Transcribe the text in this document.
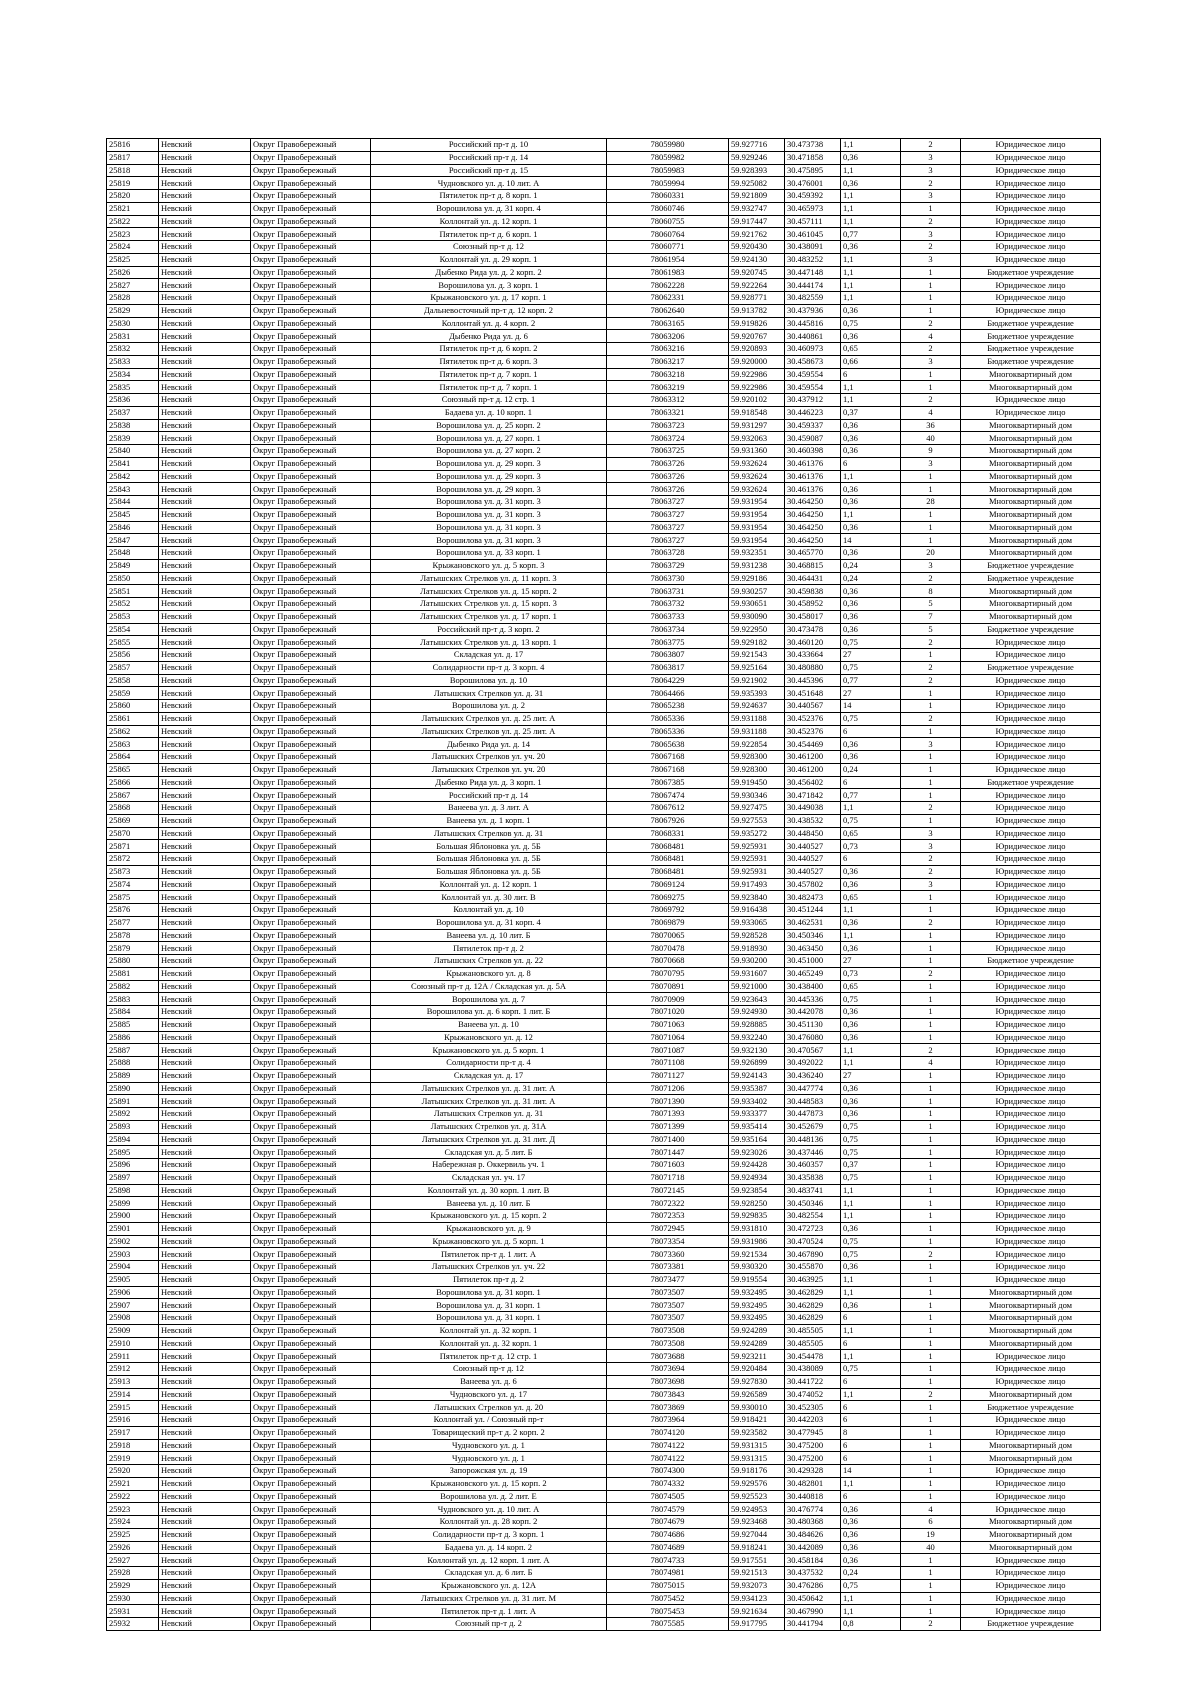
25816	Невский	Округ Правобережный	Российский пр-т д. 10	78059980	59.927716	30.473738	1,1	2	Юридическое лицо
25817	Невский	Округ Правобережный	Российский пр-т д. 14	78059982	59.929246	30.471858	0,36	3	Юридическое лицо
25818	Невский	Округ Правобережный	Российский пр-т д. 15	78059983	59.928393	30.475895	1,1	3	Юридическое лицо
25819	Невский	Округ Правобережный	Чудновского ул. д. 10 лит. А	78059994	59.925082	30.476001	0,36	2	Юридическое лицо
25820	Невский	Округ Правобережный	Пятилеток пр-т д. 8 корп. 1	78060331	59.921809	30.459392	1,1	3	Юридическое лицо
25821	Невский	Округ Правобережный	Ворошилова ул. д. 31 корп. 4	78060746	59.932747	30.465973	1,1	1	Юридическое лицо
25822	Невский	Округ Правобережный	Коллонтай ул. д. 12 корп. 1	78060755	59.917447	30.457111	1,1	2	Юридическое лицо
25823	Невский	Округ Правобережный	Пятилеток пр-т д. 6 корп. 1	78060764	59.921762	30.461045	0,77	3	Юридическое лицо
25824	Невский	Округ Правобережный	Союзный пр-т д. 12	78060771	59.920430	30.438091	0,36	2	Юридическое лицо
25825	Невский	Округ Правобережный	Коллонтай ул. д. 29 корп. 1	78061954	59.924130	30.483252	1,1	3	Юридическое лицо
25826	Невский	Округ Правобережный	Дыбенко Рида ул. д. 2 корп. 2	78061983	59.920745	30.447148	1,1	1	Бюджетное учреждение
25827	Невский	Округ Правобережный	Ворошилова ул. д. 3 корп. 1	78062228	59.922264	30.444174	1,1	1	Юридическое лицо
25828	Невский	Округ Правобережный	Крыжановского ул. д. 17 корп. 1	78062331	59.928771	30.482559	1,1	1	Юридическое лицо
25829	Невский	Округ Правобережный	Дальневосточный пр-т д. 12 корп. 2	78062640	59.913782	30.437936	0,36	1	Юридическое лицо
25830	Невский	Округ Правобережный	Коллонтай ул. д. 4 корп. 2	78063165	59.919826	30.445816	0,75	2	Бюджетное учреждение
25831	Невский	Округ Правобережный	Дыбенко Рида ул. д. 6	78063206	59.920767	30.440861	0,36	4	Бюджетное учреждение
25832	Невский	Округ Правобережный	Пятилеток пр-т д. 6 корп. 2	78063216	59.920893	30.460973	0,65	2	Бюджетное учреждение
25833	Невский	Округ Правобережный	Пятилеток пр-т д. 6 корп. 3	78063217	59.920000	30.458673	0,66	3	Бюджетное учреждение
25834	Невский	Округ Правобережный	Пятилеток пр-т д. 7 корп. 1	78063218	59.922986	30.459554	6	1	Многоквартирный дом
25835	Невский	Округ Правобережный	Пятилеток пр-т д. 7 корп. 1	78063219	59.922986	30.459554	1,1	1	Многоквартирный дом
25836	Невский	Округ Правобережный	Союзный пр-т д. 12 стр. 1	78063312	59.920102	30.437912	1,1	2	Юридическое лицо
25837	Невский	Округ Правобережный	Бадаева ул. д. 10 корп. 1	78063321	59.918548	30.446223	0,37	4	Юридическое лицо
25838	Невский	Округ Правобережный	Ворошилова ул. д. 25 корп. 2	78063723	59.931297	30.459337	0,36	36	Многоквартирный дом
25839	Невский	Округ Правобережный	Ворошилова ул. д. 27 корп. 1	78063724	59.932063	30.459087	0,36	40	Многоквартирный дом
25840	Невский	Округ Правобережный	Ворошилова ул. д. 27 корп. 2	78063725	59.931360	30.460398	0,36	9	Многоквартирный дом
25841	Невский	Округ Правобережный	Ворошилова ул. д. 29 корп. 3	78063726	59.932624	30.461376	6	3	Многоквартирный дом
25842	Невский	Округ Правобережный	Ворошилова ул. д. 29 корп. 3	78063726	59.932624	30.461376	1,1	1	Многоквартирный дом
25843	Невский	Округ Правобережный	Ворошилова ул. д. 29 корп. 3	78063726	59.932624	30.461376	0,36	1	Многоквартирный дом
25844	Невский	Округ Правобережный	Ворошилова ул. д. 31 корп. 3	78063727	59.931954	30.464250	0,36	28	Многоквартирный дом
25845	Невский	Округ Правобережный	Ворошилова ул. д. 31 корп. 3	78063727	59.931954	30.464250	1,1	1	Многоквартирный дом
25846	Невский	Округ Правобережный	Ворошилова ул. д. 31 корп. 3	78063727	59.931954	30.464250	0,36	1	Многоквартирный дом
25847	Невский	Округ Правобережный	Ворошилова ул. д. 31 корп. 3	78063727	59.931954	30.464250	14	1	Многоквартирный дом
25848	Невский	Округ Правобережный	Ворошилова ул. д. 33 корп. 1	78063728	59.932351	30.465770	0,36	20	Многоквартирный дом
25849	Невский	Округ Правобережный	Крыжановского ул. д. 5 корп. 3	78063729	59.931238	30.468815	0,24	3	Бюджетное учреждение
25850	Невский	Округ Правобережный	Латышских Стрелков ул. д. 11 корп. 3	78063730	59.929186	30.464431	0,24	2	Бюджетное учреждение
25851	Невский	Округ Правобережный	Латышских Стрелков ул. д. 15 корп. 2	78063731	59.930257	30.459838	0,36	8	Многоквартирный дом
25852	Невский	Округ Правобережный	Латышских Стрелков ул. д. 15 корп. 3	78063732	59.930651	30.458952	0,36	5	Многоквартирный дом
25853	Невский	Округ Правобережный	Латышских Стрелков ул. д. 17 корп. 1	78063733	59.930090	30.458017	0,36	7	Многоквартирный дом
25854	Невский	Округ Правобережный	Российский пр-т д. 3 корп. 2	78063734	59.922950	30.473478	0,36	5	Бюджетное учреждение
25855	Невский	Округ Правобережный	Латышских Стрелков ул. д. 13 корп. 1	78063775	59.929182	30.460120	0,75	2	Юридическое лицо
25856	Невский	Округ Правобережный	Складская ул. д. 17	78063807	59.921543	30.433664	27	1	Юридическое лицо
25857	Невский	Округ Правобережный	Солидарности пр-т д. 3 корп. 4	78063817	59.925164	30.480880	0,75	2	Бюджетное учреждение
25858	Невский	Округ Правобережный	Ворошилова ул. д. 10	78064229	59.921902	30.445396	0,77	2	Юридическое лицо
25859	Невский	Округ Правобережный	Латышских Стрелков ул. д. 31	78064466	59.935393	30.451648	27	1	Юридическое лицо
25860	Невский	Округ Правобережный	Ворошилова ул. д. 2	78065238	59.924637	30.440567	14	1	Юридическое лицо
25861	Невский	Округ Правобережный	Латышских Стрелков ул. д. 25 лит. А	78065336	59.931188	30.452376	0,75	2	Юридическое лицо
25862	Невский	Округ Правобережный	Латышских Стрелков ул. д. 25 лит. А	78065336	59.931188	30.452376	6	1	Юридическое лицо
25863	Невский	Округ Правобережный	Дыбенко Рида ул. д. 14	78065638	59.922854	30.454469	0,36	3	Юридическое лицо
25864	Невский	Округ Правобережный	Латышских Стрелков ул. уч. 20	78067168	59.928300	30.461200	0,36	1	Юридическое лицо
25865	Невский	Округ Правобережный	Латышских Стрелков ул. уч. 20	78067168	59.928300	30.461200	0,24	1	Юридическое лицо
25866	Невский	Округ Правобережный	Дыбенко Рида ул. д. 3 корп. 1	78067385	59.919450	30.456402	6	1	Бюджетное учреждение
25867	Невский	Округ Правобережный	Российский пр-т д. 14	78067474	59.930346	30.471842	0,77	1	Юридическое лицо
25868	Невский	Округ Правобережный	Ванеева ул. д. 3 лит. А	78067612	59.927475	30.449038	1,1	2	Юридическое лицо
25869	Невский	Округ Правобережный	Ванеева ул. д. 1 корп. 1	78067926	59.927553	30.438532	0,75	1	Юридическое лицо
25870	Невский	Округ Правобережный	Латышских Стрелков ул. д. 31	78068331	59.935272	30.448450	0,65	3	Юридическое лицо
25871	Невский	Округ Правобережный	Большая Яблоновка ул. д. 5Б	78068481	59.925931	30.440527	0,73	3	Юридическое лицо
25872	Невский	Округ Правобережный	Большая Яблоновка ул. д. 5Б	78068481	59.925931	30.440527	6	2	Юридическое лицо
25873	Невский	Округ Правобережный	Большая Яблоновка ул. д. 5Б	78068481	59.925931	30.440527	0,36	2	Юридическое лицо
25874	Невский	Округ Правобережный	Коллонтай ул. д. 12 корп. 1	78069124	59.917493	30.457802	0,36	3	Юридическое лицо
25875	Невский	Округ Правобережный	Коллонтай ул. д. 30 лит. В	78069275	59.923840	30.482473	0,65	1	Юридическое лицо
25876	Невский	Округ Правобережный	Коллонтай ул. д. 10	78069792	59.916438	30.451244	1,1	1	Юридическое лицо
25877	Невский	Округ Правобережный	Ворошилова ул. д. 31 корп. 4	78069879	59.933065	30.462531	0,36	2	Юридическое лицо
25878	Невский	Округ Правобережный	Ванеева ул. д. 10 лит. Б	78070065	59.928528	30.450346	1,1	1	Юридическое лицо
25879	Невский	Округ Правобережный	Пятилеток пр-т д. 2	78070478	59.918930	30.463450	0,36	1	Юридическое лицо
25880	Невский	Округ Правобережный	Латышских Стрелков ул. д. 22	78070668	59.930200	30.451000	27	1	Бюджетное учреждение
25881	Невский	Округ Правобережный	Крыжановского ул. д. 8	78070795	59.931607	30.465249	0,73	2	Юридическое лицо
25882	Невский	Округ Правобережный	Союзный пр-т д. 12А / Складская ул. д. 5А	78070891	59.921000	30.438400	0,65	1	Юридическое лицо
25883	Невский	Округ Правобережный	Ворошилова ул. д. 7	78070909	59.923643	30.445336	0,75	1	Юридическое лицо
25884	Невский	Округ Правобережный	Ворошилова ул. д. 6 корп. 1 лит. Б	78071020	59.924930	30.442078	0,36	1	Юридическое лицо
25885	Невский	Округ Правобережный	Ванеева ул. д. 10	78071063	59.928885	30.451130	0,36	1	Юридическое лицо
25886	Невский	Округ Правобережный	Крыжановского ул. д. 12	78071064	59.932240	30.476080	0,36	1	Юридическое лицо
25887	Невский	Округ Правобережный	Крыжановского ул. д. 5 корп. 1	78071087	59.932130	30.470567	1,1	2	Юридическое лицо
25888	Невский	Округ Правобережный	Солидарности пр-т д. 4	78071108	59.926899	30.492022	1,1	4	Юридическое лицо
25889	Невский	Округ Правобережный	Складская ул. д. 17	78071127	59.924143	30.436240	27	1	Юридическое лицо
25890	Невский	Округ Правобережный	Латышских Стрелков ул. д. 31 лит. А	78071206	59.935387	30.447774	0,36	1	Юридическое лицо
25891	Невский	Округ Правобережный	Латышских Стрелков ул. д. 31 лит. А	78071390	59.933402	30.448583	0,36	1	Юридическое лицо
25892	Невский	Округ Правобережный	Латышских Стрелков ул. д. 31	78071393	59.933377	30.447873	0,36	1	Юридическое лицо
25893	Невский	Округ Правобережный	Латышских Стрелков ул. д. 31А	78071399	59.935414	30.452679	0,75	1	Юридическое лицо
25894	Невский	Округ Правобережный	Латышских Стрелков ул. д. 31 лит. Д	78071400	59.935164	30.448136	0,75	1	Юридическое лицо
25895	Невский	Округ Правобережный	Складская ул. д. 5 лит. Б	78071447	59.923026	30.437446	0,75	1	Юридическое лицо
25896	Невский	Округ Правобережный	Набережная р. Оккервиль уч. 1	78071603	59.924428	30.460357	0,37	1	Юридическое лицо
25897	Невский	Округ Правобережный	Складская ул. уч. 17	78071718	59.924934	30.435838	0,75	1	Юридическое лицо
25898	Невский	Округ Правобережный	Коллонтай ул. д. 30 корп. 1 лит. В	78072145	59.923854	30.483741	1,1	1	Юридическое лицо
25899	Невский	Округ Правобережный	Ванеева ул. д. 10 лит. Б	78072322	59.928250	30.450346	1,1	1	Юридическое лицо
25900	Невский	Округ Правобережный	Крыжановского ул. д. 15 корп. 2	78072353	59.929835	30.482554	1,1	1	Юридическое лицо
25901	Невский	Округ Правобережный	Крыжановского ул. д. 9	78072945	59.931810	30.472723	0,36	1	Юридическое лицо
25902	Невский	Округ Правобережный	Крыжановского ул. д. 5 корп. 1	78073354	59.931986	30.470524	0,75	1	Юридическое лицо
25903	Невский	Округ Правобережный	Пятилеток пр-т д. 1 лит. А	78073360	59.921534	30.467890	0,75	2	Юридическое лицо
25904	Невский	Округ Правобережный	Латышских Стрелков ул. уч. 22	78073381	59.930320	30.455870	0,36	1	Юридическое лицо
25905	Невский	Округ Правобережный	Пятилеток пр-т д. 2	78073477	59.919554	30.463925	1,1	1	Юридическое лицо
25906	Невский	Округ Правобережный	Ворошилова ул. д. 31 корп. 1	78073507	59.932495	30.462829	1,1	1	Многоквартирный дом
25907	Невский	Округ Правобережный	Ворошилова ул. д. 31 корп. 1	78073507	59.932495	30.462829	0,36	1	Многоквартирный дом
25908	Невский	Округ Правобережный	Ворошилова ул. д. 31 корп. 1	78073507	59.932495	30.462829	6	1	Многоквартирный дом
25909	Невский	Округ Правобережный	Коллонтай ул. д. 32 корп. 1	78073508	59.924289	30.485505	1,1	1	Многоквартирный дом
25910	Невский	Округ Правобережный	Коллонтай ул. д. 32 корп. 1	78073508	59.924289	30.485505	6	1	Многоквартирный дом
25911	Невский	Округ Правобережный	Пятилеток пр-т д. 12 стр. 1	78073688	59.923211	30.454478	1,1	1	Юридическое лицо
25912	Невский	Округ Правобережный	Союзный пр-т д. 12	78073694	59.920484	30.438089	0,75	1	Юридическое лицо
25913	Невский	Округ Правобережный	Ванеева ул. д. 6	78073698	59.927830	30.441722	6	1	Юридическое лицо
25914	Невский	Округ Правобережный	Чудновского ул. д. 17	78073843	59.926589	30.474052	1,1	2	Многоквартирный дом
25915	Невский	Округ Правобережный	Латышских Стрелков ул. д. 20	78073869	59.930010	30.452305	6	1	Бюджетное учреждение
25916	Невский	Округ Правобережный	Коллонтай ул. / Союзный пр-т	78073964	59.918421	30.442203	6	1	Юридическое лицо
25917	Невский	Округ Правобережный	Товарищеский пр-т д. 2 корп. 2	78074120	59.923582	30.477945	8	1	Юридическое лицо
25918	Невский	Округ Правобережный	Чудновского ул. д. 1	78074122	59.931315	30.475200	6	1	Многоквартирный дом
25919	Невский	Округ Правобережный	Чудновского ул. д. 1	78074122	59.931315	30.475200	6	1	Многоквартирный дом
25920	Невский	Округ Правобережный	Запорожская ул. д. 19	78074300	59.918176	30.429328	14	1	Юридическое лицо
25921	Невский	Округ Правобережный	Крыжановского ул. д. 15 корп. 2	78074332	59.929576	30.482801	1,1	1	Юридическое лицо
25922	Невский	Округ Правобережный	Ворошилова ул. д. 2 лит. Е	78074505	59.925523	30.440818	6	1	Юридическое лицо
25923	Невский	Округ Правобережный	Чудновского ул. д. 10 лит. А	78074579	59.924953	30.476774	0,36	4	Юридическое лицо
25924	Невский	Округ Правобережный	Коллонтай ул. д. 28 корп. 2	78074679	59.923468	30.480368	0,36	6	Многоквартирный дом
25925	Невский	Округ Правобережный	Солидарности пр-т д. 3 корп. 1	78074686	59.927044	30.484626	0,36	19	Многоквартирный дом
25926	Невский	Округ Правобережный	Бадаева ул. д. 14 корп. 2	78074689	59.918241	30.442089	0,36	40	Многоквартирный дом
25927	Невский	Округ Правобережный	Коллонтай ул. д. 12 корп. 1 лит. А	78074733	59.917551	30.458184	0,36	1	Юридическое лицо
25928	Невский	Округ Правобережный	Складская ул. д. 6 лит. Б	78074981	59.921513	30.437532	0,24	1	Юридическое лицо
25929	Невский	Округ Правобережный	Крыжановского ул. д. 12А	78075015	59.932073	30.476286	0,75	1	Юридическое лицо
25930	Невский	Округ Правобережный	Латышских Стрелков ул. д. 31 лит. М	78075452	59.934123	30.450642	1,1	1	Юридическое лицо
25931	Невский	Округ Правобережный	Пятилеток пр-т д. 1 лит. А	78075453	59.921634	30.467990	1,1	1	Юридическое лицо
25932	Невский	Округ Правобережный	Союзный пр-т д. 2	78075585	59.917795	30.441794	0,8	2	Бюджетное учреждение
